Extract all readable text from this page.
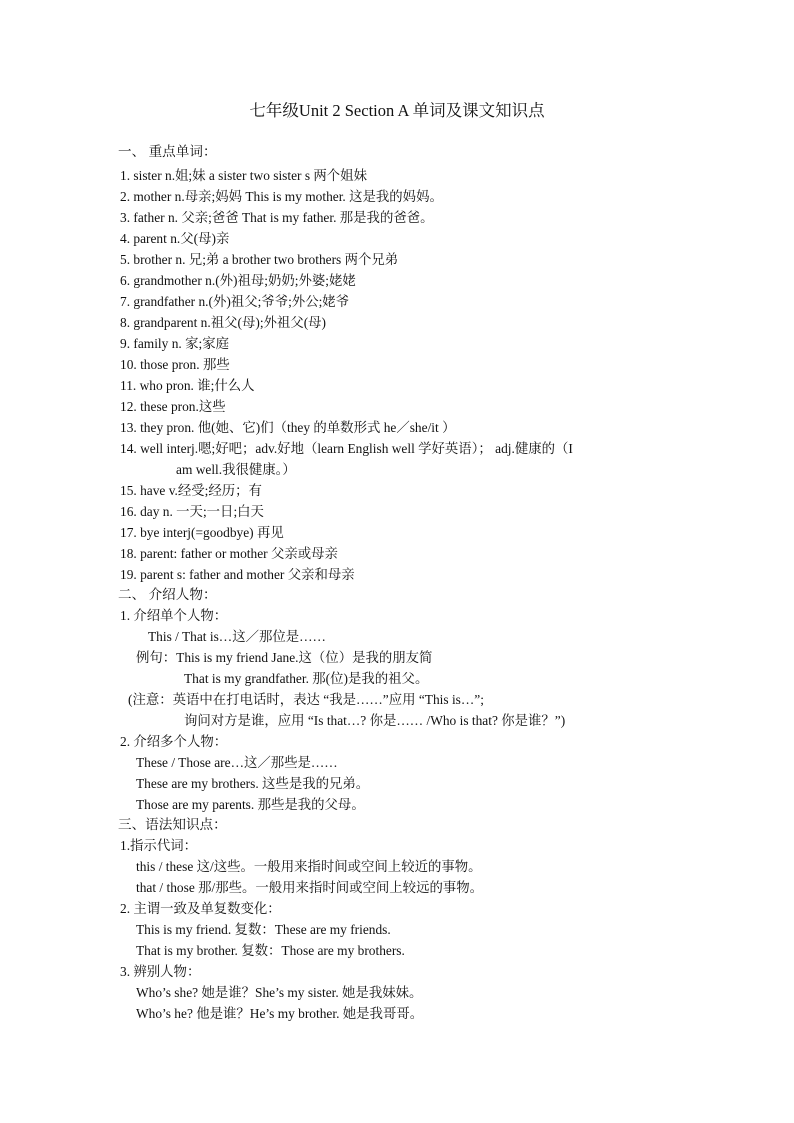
七年级Unit 2 Section A 单词及课文知识点
一、 重点单词：
1. sister n.姐;妹 a sister two sister s 两个姐妹
2. mother n.母亲;妈妈 This is my mother. 这是我的妈妈。
3. father n. 父亲;爸爸 That is my father. 那是我的爸爸。
4. parent n.父(母)亲
5. brother n. 兄;弟 a brother two brothers 两个兄弟
6. grandmother n.(外)祖母;奶奶;外婆;姥姥
7. grandfather n.(外)祖父;爷爷;外公;姥爷
8. grandparent n.祖父(母);外祖父(母)
9. family n. 家;家庭
10. those pron. 那些
11. who pron. 谁;什么人
12. these pron.这些
13. they pron. 他(她、它)们（they 的单数形式 he／she/it ）
14. well interj.嗯;好吧；adv.好地（learn English well 学好英语）； adj.健康的（I
am well.我很健康。）
15. have v.经受;经历；有
16. day n. 一天;一日;白天
17. bye interj(=goodbye) 再见
18. parent: father or mother 父亲或母亲
19. parent s: father and mother 父亲和母亲
二、 介绍人物：
1. 介绍单个人物：
This / That is…这／那位是……
例句：This is my friend Jane.这（位）是我的朋友简
That is my grandfather. 那(位)是我的祖父。
(注意：英语中在打电话时，表达 “我是……”应用 “This is…”;
询问对方是谁，应用 “Is that…? 你是…… /Who is that? 你是谁？”)
2. 介绍多个人物：
These / Those are…这／那些是……
These are my brothers. 这些是我的兄弟。
Those are my parents. 那些是我的父母。
三、语法知识点：
1.指示代词：
this / these 这/这些。一般用来指时间或空间上较近的事物。
that / those 那/那些。一般用来指时间或空间上较远的事物。
2. 主谓一致及单复数变化：
This is my friend. 复数：These are my friends.
That is my brother. 复数：Those are my brothers.
3. 辨别人物：
Who’s she? 她是谁？She’s my sister. 她是我妹妹。
Who’s he? 他是谁？He’s my brother. 她是我哥哥。
